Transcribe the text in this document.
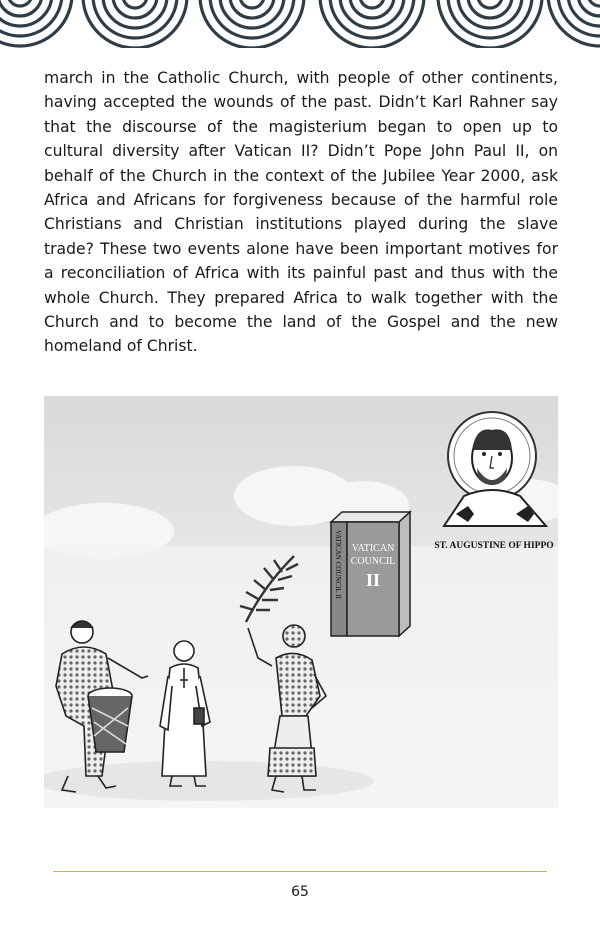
march in the Catholic Church, with people of other continents, having accepted the wounds of the past. Didn’t Karl Rahner say that the discourse of the magisterium began to open up to cultural diversity after Vatican II? Didn’t Pope John Paul II, on behalf of the Church in the context of the Jubilee Year 2000, ask Africa and Africans for forgiveness because of the harmful role Christians and Christian institutions played during the slave trade? These two events alone have been important motives for a reconciliation of Africa with its painful past and thus with the whole Church. They prepared Africa to walk together with the Church and to become the land of the Gospel and the new homeland of Christ.

ST. AUGUSTINE OF HIPPO
VATICAN
COUNCIL
II
VATICAN COUNCIL II
65
